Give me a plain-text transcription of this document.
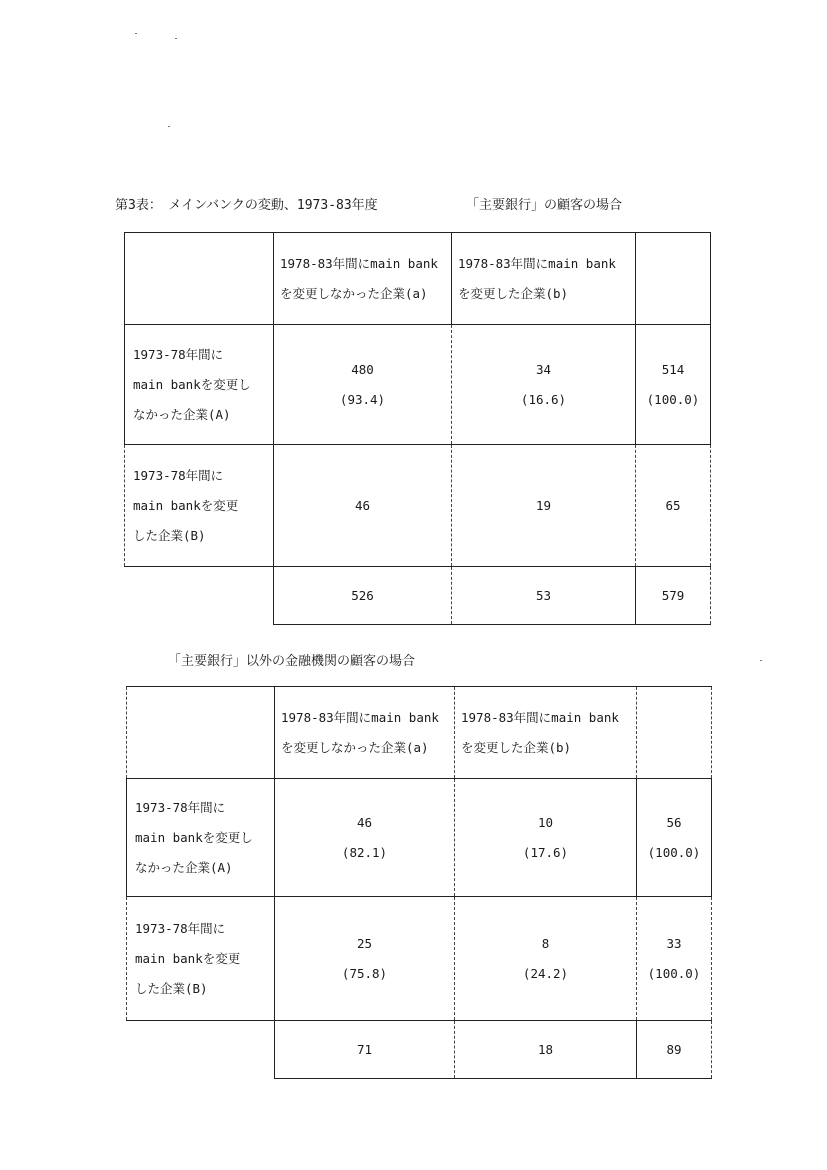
第3表：　メインバンクの変動、1973-83年度	「主要銀行」の顧客の場合

	1978-83年間にmain bank
を変更しなかった企業(a)	1978-83年間にmain bank
を変更した企業(b)	

1973-78年間に
main bankを変更し
なかった企業(A)	480
(93.4)	34
(16.6)	514
(100.0)

1973-78年間に
main bankを変更
した企業(B)	46	19	65

	526	53	579
「主要銀行」以外の金融機関の顧客の場合

	1978-83年間にmain bank
を変更しなかった企業(a)	1978-83年間にmain bank
を変更した企業(b)	

1973-78年間に
main bankを変更し
なかった企業(A)	46
(82.1)	10
(17.6)	56
(100.0)

1973-78年間に
main bankを変更
した企業(B)	25
(75.8)	8
(24.2)	33
(100.0)

	71	18	89
